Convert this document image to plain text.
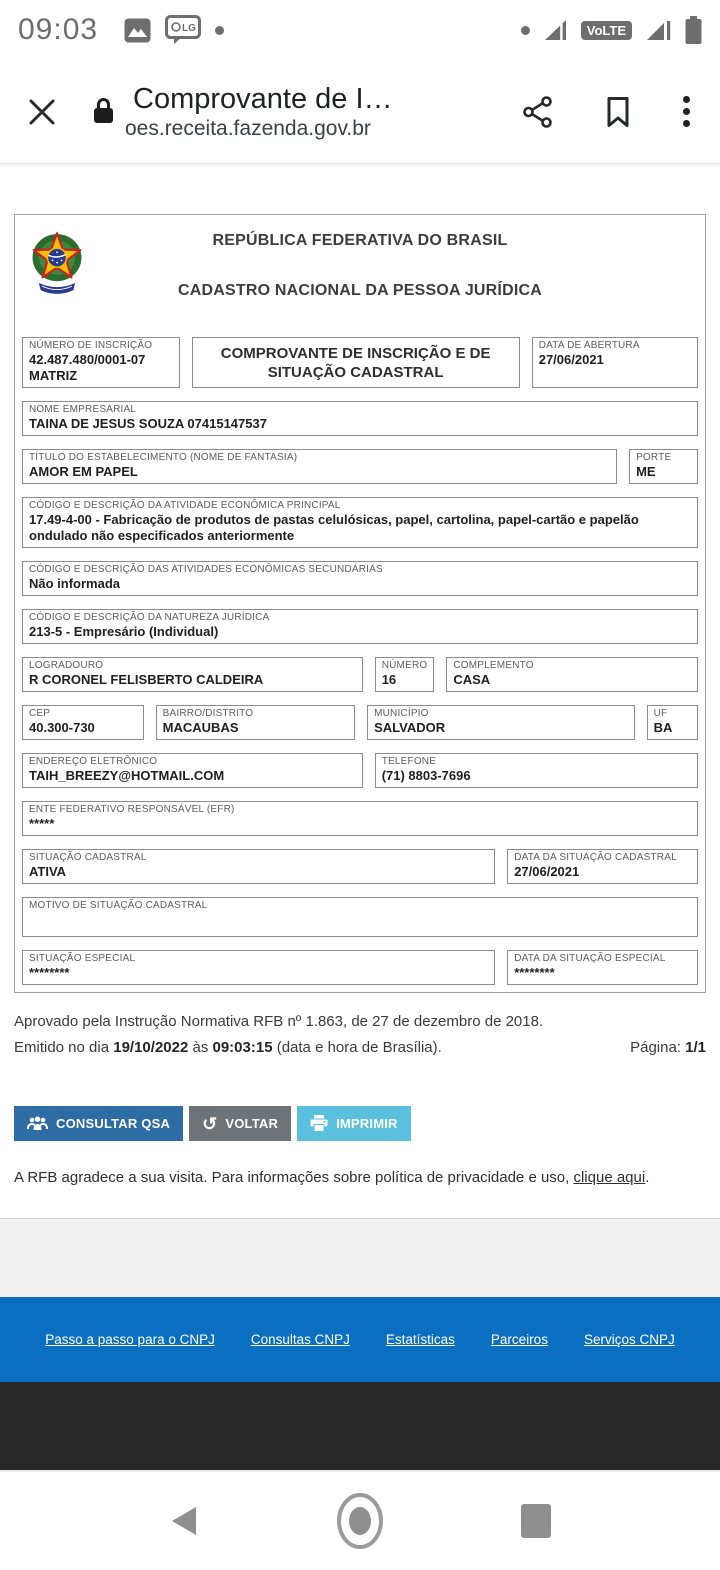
09:03	LG	VoLTE
Comprovante de I…
oes.receita.fazenda.gov.br
REPÚBLICA FEDERATIVA DO BRASIL
CADASTRO NACIONAL DA PESSOA JURÍDICA
NÚMERO DE INSCRIÇÃO
42.487.480/0001-07
MATRIZ
COMPROVANTE DE INSCRIÇÃO E DE SITUAÇÃO CADASTRAL
DATA DE ABERTURA
27/06/2021
NOME EMPRESARIAL
TAINA DE JESUS SOUZA 07415147537
TÍTULO DO ESTABELECIMENTO (NOME DE FANTASIA)
AMOR EM PAPEL
PORTE
ME
CÓDIGO E DESCRIÇÃO DA ATIVIDADE ECONÔMICA PRINCIPAL
17.49-4-00 - Fabricação de produtos de pastas celulósicas, papel, cartolina, papel-cartão e papelão ondulado não especificados anteriormente
CÓDIGO E DESCRIÇÃO DAS ATIVIDADES ECONÔMICAS SECUNDÁRIAS
Não informada
CÓDIGO E DESCRIÇÃO DA NATUREZA JURÍDICA
213-5 - Empresário (Individual)
LOGRADOURO
R CORONEL FELISBERTO CALDEIRA
NÚMERO
16
COMPLEMENTO
CASA
CEP
40.300-730
BAIRRO/DISTRITO
MACAUBAS
MUNICÍPIO
SALVADOR
UF
BA
ENDEREÇO ELETRÔNICO
TAIH_BREEZY@HOTMAIL.COM
TELEFONE
(71) 8803-7696
ENTE FEDERATIVO RESPONSÁVEL (EFR)
*****
SITUAÇÃO CADASTRAL
ATIVA
DATA DA SITUAÇÃO CADASTRAL
27/06/2021
MOTIVO DE SITUAÇÃO CADASTRAL
SITUAÇÃO ESPECIAL
********
DATA DA SITUAÇÃO ESPECIAL
********
Aprovado pela Instrução Normativa RFB nº 1.863, de 27 de dezembro de 2018.
Emitido no dia 19/10/2022 às 09:03:15 (data e hora de Brasília).	Página: 1/1
CONSULTAR QSA ↺ VOLTAR	IMPRIMIR
A RFB agradece a sua visita. Para informações sobre política de privacidade e uso, clique aqui.
Passo a passo para o CNPJ	Consultas CNPJ	Estatísticas	Parceiros	Serviços CNPJ
